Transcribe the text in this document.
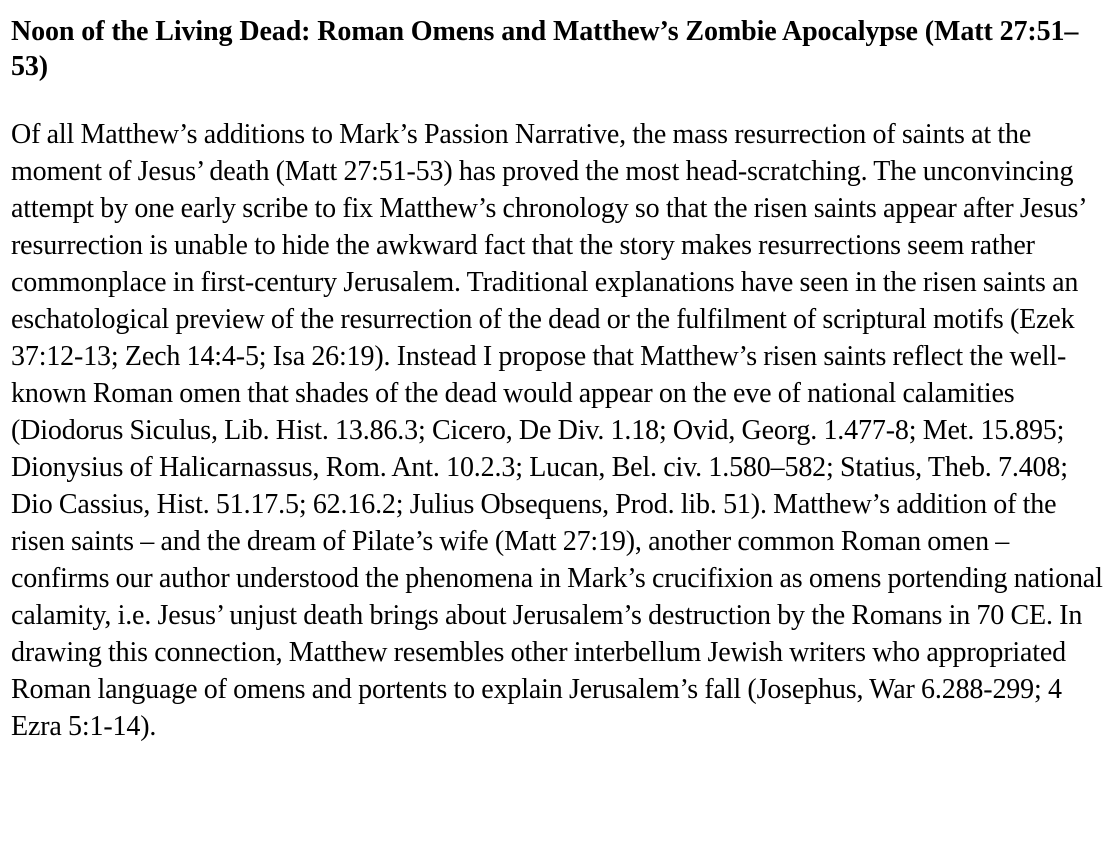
Noon of the Living Dead: Roman Omens and Matthew’s Zombie Apocalypse (Matt 27:51–53)

Of all Matthew’s additions to Mark’s Passion Narrative, the mass resurrection of saints at the moment of Jesus’ death (Matt 27:51-53) has proved the most head-scratching. The unconvincing attempt by one early scribe to fix Matthew’s chronology so that the risen saints appear after Jesus’ resurrection is unable to hide the awkward fact that the story makes resurrections seem rather commonplace in first-century Jerusalem. Traditional explanations have seen in the risen saints an eschatological preview of the resurrection of the dead or the fulfilment of scriptural motifs (Ezek 37:12-13; Zech 14:4-5; Isa 26:19). Instead I propose that Matthew’s risen saints reflect the well-known Roman omen that shades of the dead would appear on the eve of national calamities (Diodorus Siculus, Lib. Hist. 13.86.3; Cicero, De Div. 1.18; Ovid, Georg. 1.477-8; Met. 15.895; Dionysius of Halicarnassus, Rom. Ant. 10.2.3; Lucan, Bel. civ. 1.580–582; Statius, Theb. 7.408; Dio Cassius, Hist. 51.17.5; 62.16.2; Julius Obsequens, Prod. lib. 51). Matthew’s addition of the risen saints – and the dream of Pilate’s wife (Matt 27:19), another common Roman omen – confirms our author understood the phenomena in Mark’s crucifixion as omens portending national calamity, i.e. Jesus’ unjust death brings about Jerusalem’s destruction by the Romans in 70 CE. In drawing this connection, Matthew resembles other interbellum Jewish writers who appropriated Roman language of omens and portents to explain Jerusalem’s fall (Josephus, War 6.288-299; 4 Ezra 5:1-14).
